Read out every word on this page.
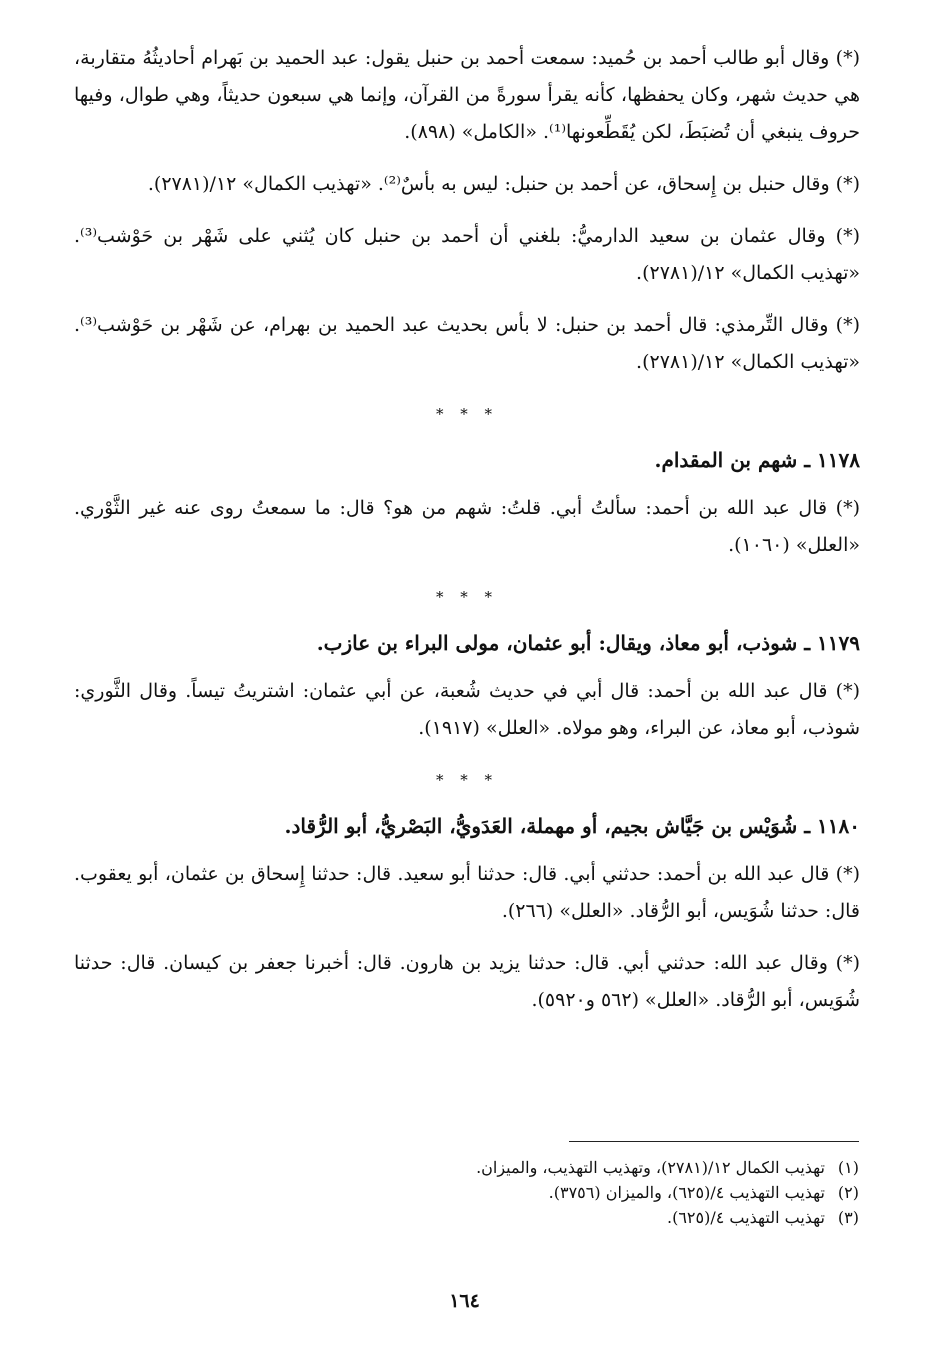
(*) وقال أبو طالب أحمد بن حُميد: سمعت أحمد بن حنبل يقول: عبد الحميد بن بَهرام أحاديثُهُ متقاربة، هي حديث شهر، وكان يحفظها، كأنه يقرأ سورةً من القرآن، وإنما هي سبعون حديثاً، وهي طوال، وفيها حروف ينبغي أن تُضبَطَ، لكن يُقَطِّعونها⁽¹⁾. «الكامل» (٨٩٨).

(*) وقال حنبل بن إِسحاق، عن أحمد بن حنبل: ليس به بأسٌ⁽²⁾. «تهذيب الكمال» ١٢/(٢٧٨١).

(*) وقال عثمان بن سعيد الدارميُّ: بلغني أن أحمد بن حنبل كان يُثني على شَهْر بن حَوْشب⁽³⁾. «تهذيب الكمال» ١٢/(٢٧٨١).

(*) وقال التِّرمذي: قال أحمد بن حنبل: لا بأس بحديث عبد الحميد بن بهرام، عن شَهْر بن حَوْشب⁽³⁾. «تهذيب الكمال» ١٢/(٢٧٨١).

* * *

١١٧٨ ـ شهم بن المقدام.

(*) قال عبد الله بن أحمد: سألتُ أبي. قلتُ: شهم من هو؟ قال: ما سمعتُ روى عنه غير الثَّوْري. «العلل» (١٠٦٠).

* * *

١١٧٩ ـ شوذب، أبو معاذ، ويقال: أبو عثمان، مولى البراء بن عازب.

(*) قال عبد الله بن أحمد: قال أبي في حديث شُعبة، عن أبي عثمان: اشتريتُ تيساً. وقال الثَّوري: شوذب، أبو معاذ، عن البراء، وهو مولاه. «العلل» (١٩١٧).

* * *

١١٨٠ ـ شُوَيْس بن جَيَّاش بجيم، أو مهملة، العَدَويُّ، البَصْريُّ، أبو الرُّقاد.

(*) قال عبد الله بن أحمد: حدثني أبي. قال: حدثنا أبو سعيد. قال: حدثنا إِسحاق بن عثمان، أبو يعقوب. قال: حدثنا شُوَيس، أبو الرُّقاد. «العلل» (٢٦٦).

(*) وقال عبد الله: حدثني أبي. قال: حدثنا يزيد بن هارون. قال: أخبرنا جعفر بن كيسان. قال: حدثنا شُوَيس، أبو الرُّقاد. «العلل» (٥٦٢ و٥٩٢٠).

(١)
تهذيب الكمال ١٢/(٢٧٨١)، وتهذيب التهذيب، والميزان.
(٢)
تهذيب التهذيب ٤/(٦٢٥)، والميزان (٣٧٥٦).
(٣)
تهذيب التهذيب ٤/(٦٢٥).
١٦٤
